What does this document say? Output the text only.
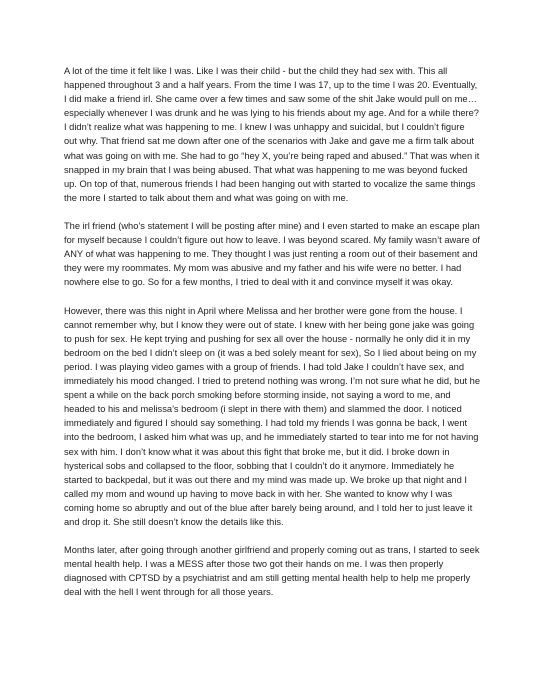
A lot of the time it felt like I was. Like I was their child - but the child they had sex with. This all happened throughout 3 and a half years. From the time I was 17, up to the time I was 20. Eventually, I did make a friend irl. She came over a few times and saw some of the shit Jake would pull on me… especially whenever I was drunk and he was lying to his friends about my age. And for a while there? I didn’t realize what was happening to me. I knew I was unhappy and suicidal, but I couldn’t figure out why. That friend sat me down after one of the scenarios with Jake and gave me a firm talk about what was going on with me. She had to go “hey X, you’re being raped and abused.” That was when it snapped in my brain that I was being abused. That what was happening to me was beyond fucked up. On top of that, numerous friends I had been hanging out with started to vocalize the same things the more I started to talk about them and what was going on with me.

The irl friend (who’s statement I will be posting after mine) and I even started to make an escape plan for myself because I couldn’t figure out how to leave. I was beyond scared. My family wasn’t aware of ANY of what was happening to me. They thought I was just renting a room out of their basement and they were my roommates. My mom was abusive and my father and his wife were no better. I had nowhere else to go. So for a few months, I tried to deal with it and convince myself it was okay.

However, there was this night in April where Melissa and her brother were gone from the house. I cannot remember why, but I know they were out of state. I knew with her being gone jake was going to push for sex. He kept trying and pushing for sex all over the house - normally he only did it in my bedroom on the bed I didn’t sleep on (it was a bed solely meant for sex), So I lied about being on my period. I was playing video games with a group of friends. I had told Jake I couldn’t have sex, and immediately his mood changed. I tried to pretend nothing was wrong. I’m not sure what he did, but he spent a while on the back porch smoking before storming inside, not saying a word to me, and headed to his and melissa’s bedroom (i slept in there with them) and slammed the door. I noticed immediately and figured I should say something. I had told my friends I was gonna be back, I went into the bedroom, I asked him what was up, and he immediately started to tear into me for not having sex with him. I don’t know what it was about this fight that broke me, but it did. I broke down in hysterical sobs and collapsed to the floor, sobbing that I couldn’t do it anymore. Immediately he started to backpedal, but it was out there and my mind was made up. We broke up that night and I called my mom and wound up having to move back in with her. She wanted to know why I was coming home so abruptly and out of the blue after barely being around, and I told her to just leave it and drop it. She still doesn’t know the details like this.

Months later, after going through another girlfriend and properly coming out as trans, I started to seek mental health help. I was a MESS after those two got their hands on me. I was then properly diagnosed with CPTSD by a psychiatrist and am still getting mental health help to help me properly deal with the hell I went through for all those years.
